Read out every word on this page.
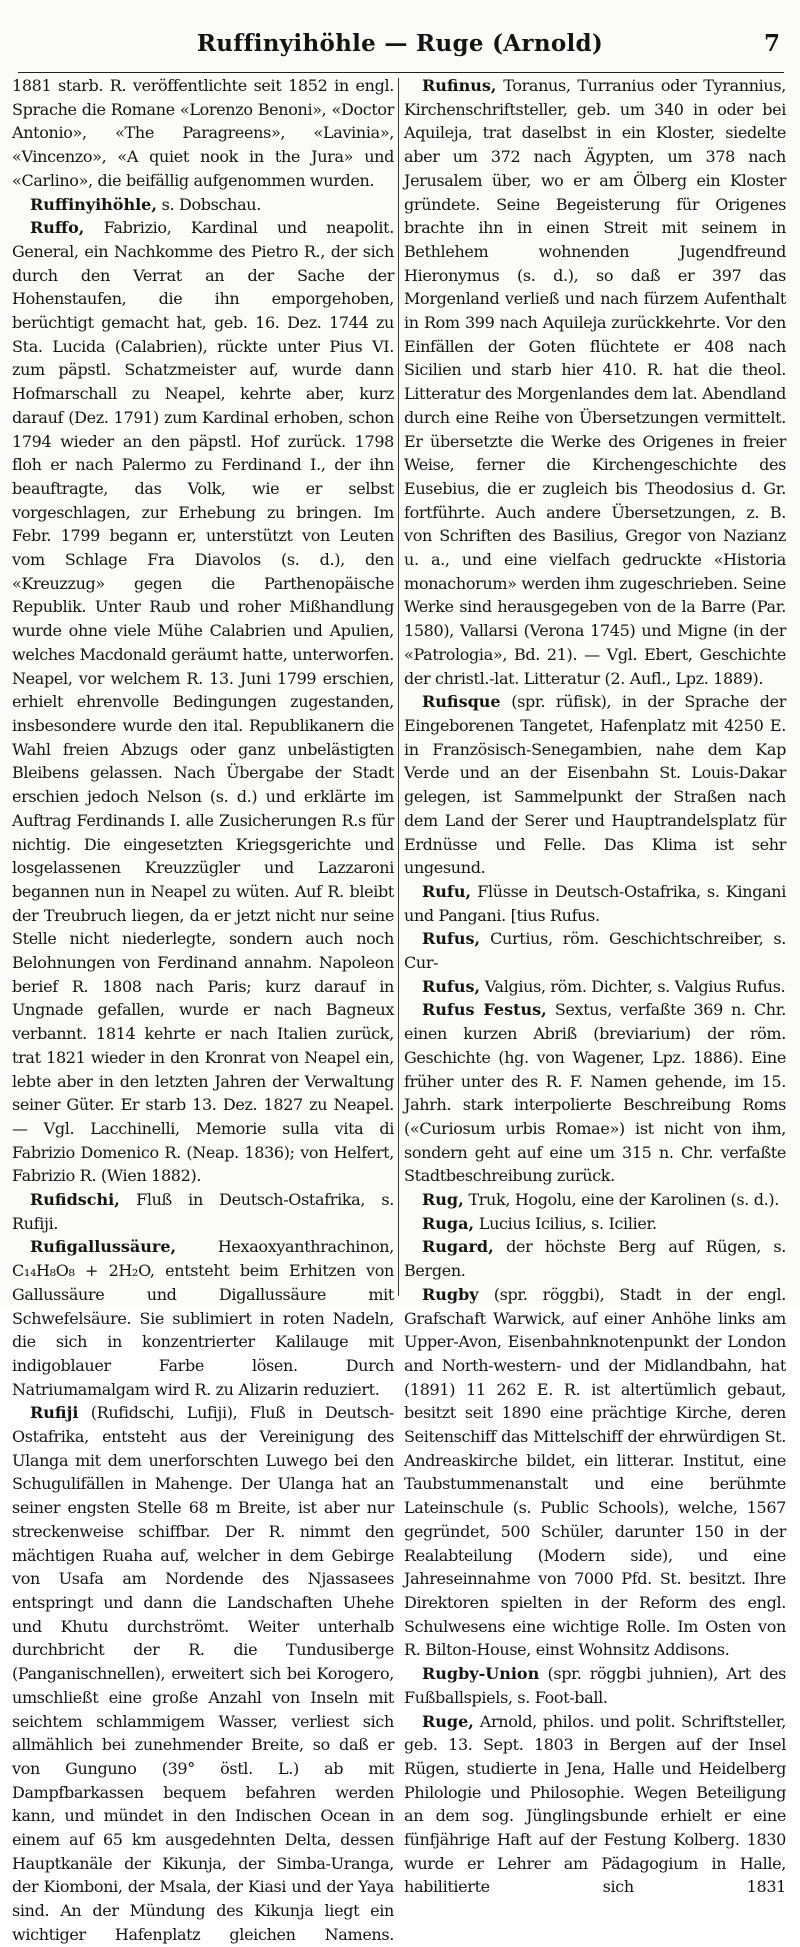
Ruffinyihöhle — Ruge (Arnold)	7

1881 starb. R. veröffentlichte seit 1852 in engl. Sprache die Romane «Lorenzo Benoni», «Doctor Antonio», «The Paragreens», «Lavinia», «Vincenzo», «A quiet nook in the Jura» und «Carlino», die beifällig aufgenommen wurden.

Ruffinyihöhle, s. Dobschau.

Ruffo, Fabrizio, Kardinal und neapolit. General, ein Nachkomme des Pietro R., der sich durch den Verrat an der Sache der Hohenstaufen, die ihn emporgehoben, berüchtigt gemacht hat, geb. 16. Dez. 1744 zu Sta. Lucida (Calabrien), rückte unter Pius VI. zum päpstl. Schatzmeister auf, wurde dann Hofmarschall zu Neapel, kehrte aber, kurz darauf (Dez. 1791) zum Kardinal erhoben, schon 1794 wieder an den päpstl. Hof zurück. 1798 floh er nach Palermo zu Ferdinand I., der ihn beauftragte, das Volk, wie er selbst vorgeschlagen, zur Erhebung zu bringen. Im Febr. 1799 begann er, unterstützt von Leuten vom Schlage Fra Diavolos (s. d.), den «Kreuzzug» gegen die Parthenopäische Republik. Unter Raub und roher Mißhandlung wurde ohne viele Mühe Calabrien und Apulien, welches Macdonald geräumt hatte, unterworfen. Neapel, vor welchem R. 13. Juni 1799 erschien, erhielt ehrenvolle Bedingungen zugestanden, insbesondere wurde den ital. Republikanern die Wahl freien Abzugs oder ganz unbelästigten Bleibens gelassen. Nach Übergabe der Stadt erschien jedoch Nelson (s. d.) und erklärte im Auftrag Ferdinands I. alle Zusicherungen R.s für nichtig. Die eingesetzten Kriegsgerichte und losgelassenen Kreuzzügler und Lazzaroni begannen nun in Neapel zu wüten. Auf R. bleibt der Treubruch liegen, da er jetzt nicht nur seine Stelle nicht niederlegte, sondern auch noch Belohnungen von Ferdinand annahm. Napoleon berief R. 1808 nach Paris; kurz darauf in Ungnade gefallen, wurde er nach Bagneux verbannt. 1814 kehrte er nach Italien zurück, trat 1821 wieder in den Kronrat von Neapel ein, lebte aber in den letzten Jahren der Verwaltung seiner Güter. Er starb 13. Dez. 1827 zu Neapel. — Vgl. Lacchinelli, Memorie sulla vita di Fabrizio Domenico R. (Neap. 1836); von Helfert, Fabrizio R. (Wien 1882).

Rufidschi, Fluß in Deutsch-Ostafrika, s. Rufiji.

Rufigallussäure,	Hexaoxyanthrachinon, C₁₄H₈O₈ + 2H₂O, entsteht beim Erhitzen von Gallussäure und Digallussäure mit Schwefelsäure. Sie sublimiert in roten Nadeln, die sich in konzentrierter Kalilauge mit indigoblauer Farbe lösen. Durch Natriumamalgam wird R. zu Alizarin reduziert.

Rufiji (Rufidschi, Lufiji), Fluß in Deutsch-Ostafrika, entsteht aus der Vereinigung des Ulanga mit dem unerforschten Luwego bei den Schugulifällen in Mahenge. Der Ulanga hat an seiner engsten Stelle 68 m Breite, ist aber nur streckenweise schiffbar. Der R. nimmt den mächtigen Ruaha auf, welcher in dem Gebirge von Usafa am Nordende des Njassasees entspringt und dann die Landschaften Uhehe und Khutu durchströmt. Weiter unterhalb durchbricht der R. die Tundusiberge (Panganischnellen), erweitert sich bei Korogero, umschließt eine große Anzahl von Inseln mit seichtem schlammigem Wasser, verliest sich allmählich bei zunehmender Breite, so daß er von Gunguno (39° östl. L.) ab mit Dampfbarkassen bequem befahren werden kann, und mündet in den Indischen Ocean in einem auf 65 km ausgedehnten Delta, dessen Hauptkanäle der Kikunja, der Simba-Uranga, der Kiomboni, der Msala, der Kiasi und der Yaya sind. An der Mündung des Kikunja liegt ein wichtiger Hafenplatz gleichen Namens.

Rufinus, Toranus, Turranius oder Tyrannius, Kirchenschriftsteller, geb. um 340 in oder bei Aquileja, trat daselbst in ein Kloster, siedelte aber um 372 nach Ägypten, um 378 nach Jerusalem über, wo er am Ölberg ein Kloster gründete. Seine Begeisterung für Origenes brachte ihn in einen Streit mit seinem in Bethlehem wohnenden Jugendfreund Hieronymus (s. d.), so daß er 397 das Morgenland verließ und nach fürzem Aufenthalt in Rom 399 nach Aquileja zurückkehrte. Vor den Einfällen der Goten flüchtete er 408 nach Sicilien und starb hier 410. R. hat die theol. Litteratur des Morgenlandes dem lat. Abendland durch eine Reihe von Übersetzungen vermittelt. Er übersetzte die Werke des Origenes in freier Weise, ferner die Kirchengeschichte des Eusebius, die er zugleich bis Theodosius d. Gr. fortführte. Auch andere Übersetzungen, z. B. von Schriften des Basilius, Gregor von Nazianz u. a., und eine vielfach gedruckte «Historia monachorum» werden ihm zugeschrieben. Seine Werke sind herausgegeben von de la Barre (Par. 1580), Vallarsi (Verona 1745) und Migne (in der «Patrologia», Bd. 21). — Vgl. Ebert, Geschichte der christl.-lat. Litteratur (2. Aufl., Lpz. 1889).

Rufisque (spr. rüfisk), in der Sprache der Eingeborenen Tangetet, Hafenplatz mit 4250 E. in Französisch-Senegambien, nahe dem Kap Verde und an der Eisenbahn St. Louis-Dakar gelegen, ist Sammelpunkt der Straßen nach dem Land der Serer und Hauptrandelsplatz für Erdnüsse und Felle. Das Klima ist sehr ungesund.

Rufu, Flüsse in Deutsch-Ostafrika, s. Kingani und Pangani. [tius Rufus.

Rufus, Curtius, röm. Geschichtschreiber, s. Cur-

Rufus, Valgius, röm. Dichter, s. Valgius Rufus.

Rufus Festus, Sextus, verfaßte 369 n. Chr. einen kurzen Abriß (breviarium) der röm. Geschichte (hg. von Wagener, Lpz. 1886). Eine früher unter des R. F. Namen gehende, im 15. Jahrh. stark interpolierte Beschreibung Roms («Curiosum urbis Romae») ist nicht von ihm, sondern geht auf eine um 315 n. Chr. verfaßte Stadtbeschreibung zurück.

Rug, Truk, Hogolu, eine der Karolinen (s. d.).

Ruga, Lucius Icilius, s. Icilier.

Rugard, der höchste Berg auf Rügen, s. Bergen.

Rugby (spr. röggbi), Stadt in der engl. Grafschaft Warwick, auf einer Anhöhe links am Upper-Avon, Eisenbahnknotenpunkt der London and North-western- und der Midlandbahn, hat (1891) 11 262 E. R. ist altertümlich gebaut, besitzt seit 1890 eine prächtige Kirche, deren Seitenschiff das Mittelschiff der ehrwürdigen St. Andreaskirche bildet, ein litterar. Institut, eine Taubstummenanstalt und eine berühmte Lateinschule (s. Public Schools), welche, 1567 gegründet, 500 Schüler, darunter 150 in der Realabteilung (Modern side), und eine Jahreseinnahme von 7000 Pfd. St. besitzt. Ihre Direktoren spielten in der Reform des engl. Schulwesens eine wichtige Rolle. Im Osten von R. Bilton-House, einst Wohnsitz Addisons.

Rugby-Union (spr. röggbi juhnien), Art des Fußballspiels, s. Foot-ball.

Ruge, Arnold, philos. und polit. Schriftsteller, geb. 13. Sept. 1803 in Bergen auf der Insel Rügen, studierte in Jena, Halle und Heidelberg Philologie und Philosophie. Wegen Beteiligung an dem sog. Jünglingsbunde erhielt er eine fünfjährige Haft auf der Festung Kolberg. 1830 wurde er Lehrer am Pädagogium in Halle, habilitierte sich 1831
